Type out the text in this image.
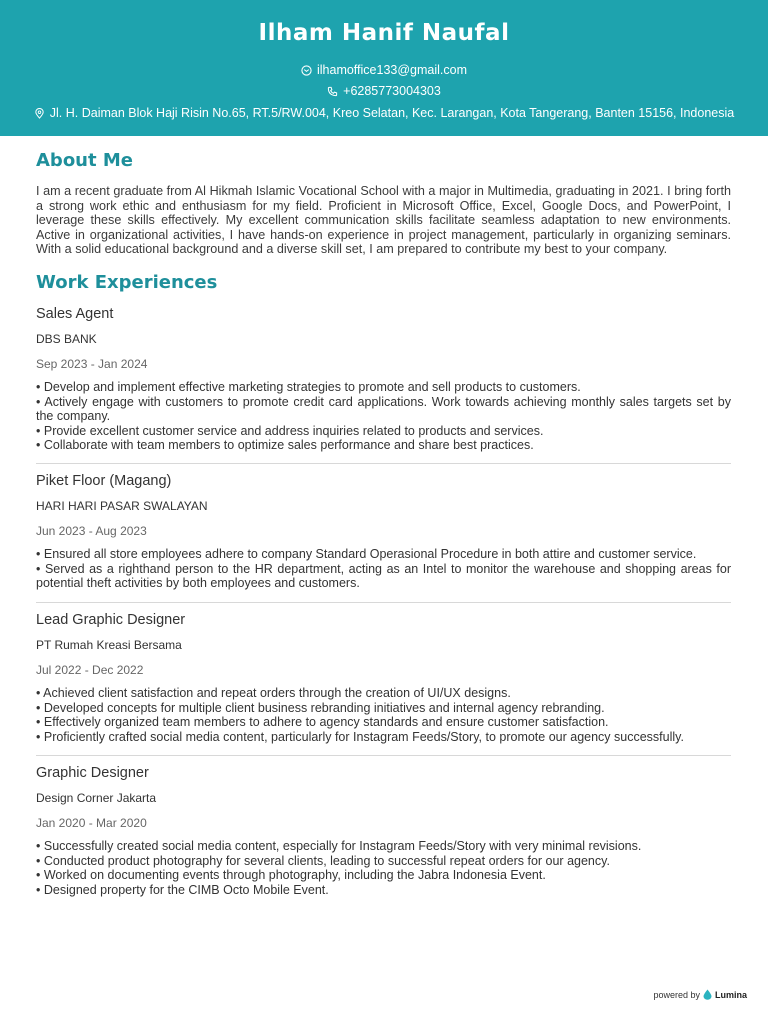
Ilham Hanif Naufal
ilhamoffice133@gmail.com
+6285773004303
Jl. H. Daiman Blok Haji Risin No.65, RT.5/RW.004, Kreo Selatan, Kec. Larangan, Kota Tangerang, Banten 15156, Indonesia
About Me

I am a recent graduate from Al Hikmah Islamic Vocational School with a major in Multimedia, graduating in 2021. I bring forth a strong work ethic and enthusiasm for my field. Proficient in Microsoft Office, Excel, Google Docs, and PowerPoint, I leverage these skills effectively. My excellent communication skills facilitate seamless adaptation to new environments. Active in organizational activities, I have hands-on experience in project management, particularly in organizing seminars. With a solid educational background and a diverse skill set, I am prepared to contribute my best to your company.

Work Experiences

Sales Agent

DBS BANK
Sep 2023 - Jan 2024
• Develop and implement effective marketing strategies to promote and sell products to customers.
• Actively engage with customers to promote credit card applications. Work towards achieving monthly sales targets set by the company.
• Provide excellent customer service and address inquiries related to products and services.
• Collaborate with team members to optimize sales performance and share best practices.

Piket Floor (Magang)

HARI HARI PASAR SWALAYAN
Jun 2023 - Aug 2023
• Ensured all store employees adhere to company Standard Operasional Procedure in both attire and customer service.
• Served as a righthand person to the HR department, acting as an Intel to monitor the warehouse and shopping areas for potential theft activities by both employees and customers.

Lead Graphic Designer

PT Rumah Kreasi Bersama
Jul 2022 - Dec 2022
• Achieved client satisfaction and repeat orders through the creation of UI/UX designs.
• Developed concepts for multiple client business rebranding initiatives and internal agency rebranding.
• Effectively organized team members to adhere to agency standards and ensure customer satisfaction.
• Proficiently crafted social media content, particularly for Instagram Feeds/Story, to promote our agency successfully.

Graphic Designer

Design Corner Jakarta
Jan 2020 - Mar 2020
• Successfully created social media content, especially for Instagram Feeds/Story with very minimal revisions.
• Conducted product photography for several clients, leading to successful repeat orders for our agency.
• Worked on documenting events through photography, including the Jabra Indonesia Event.
• Designed property for the CIMB Octo Mobile Event.
powered by Lumina
